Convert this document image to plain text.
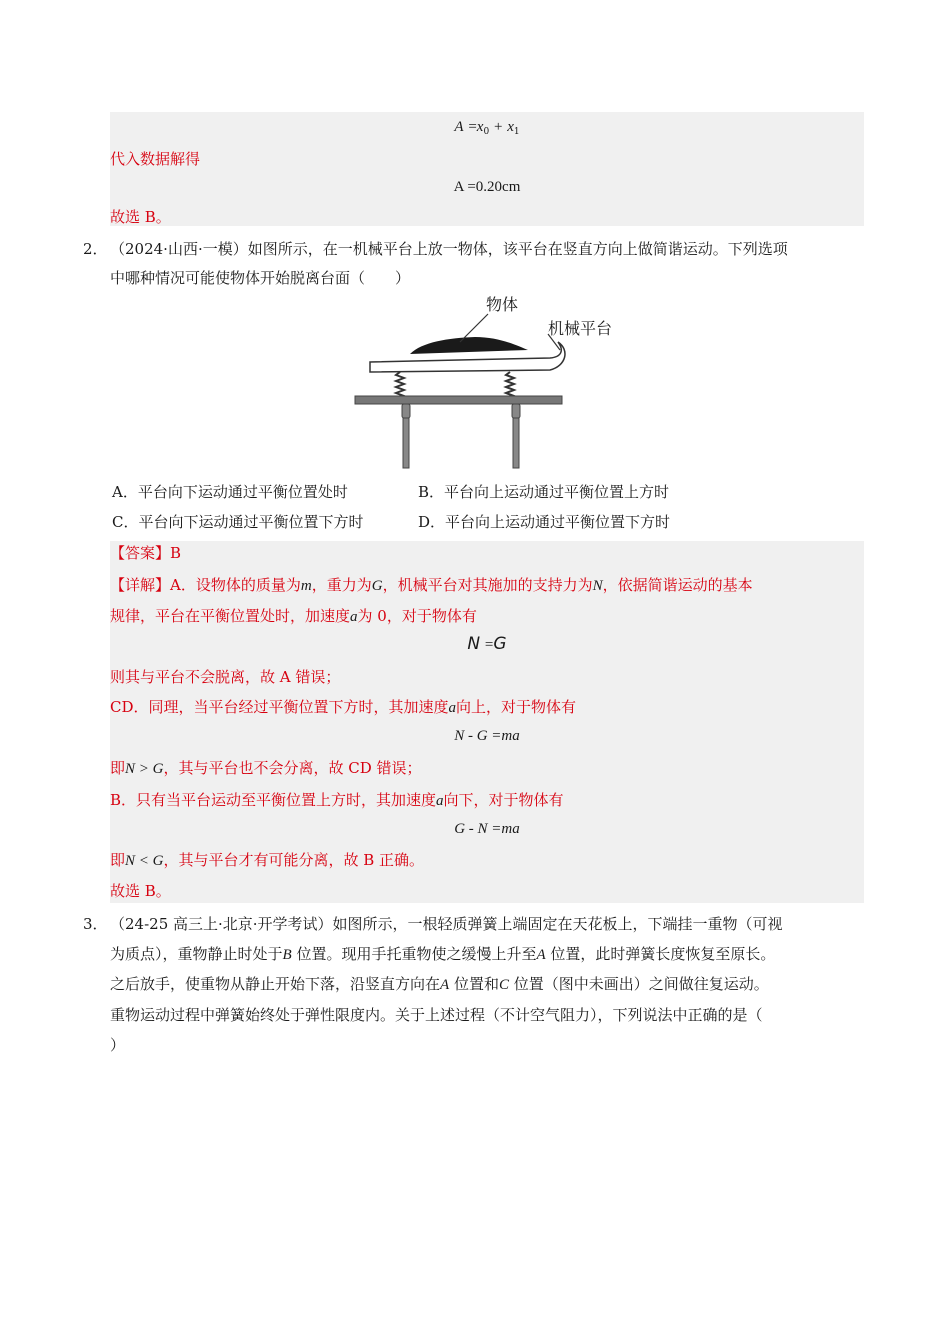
$A =x_0 + x_1$
代入数据解得
A =0.20cm
故选 B。
2． （2024·山西·一模）如图所示，在一机械平台上放一物体，该平台在竖直方向上做简谐运动。下列选项
中哪种情况可能使物体开始脱离台面（　　）
物体
机械平台
A．平台向下运动通过平衡位置处时	B．平台向上运动通过平衡位置上方时
C．平台向下运动通过平衡位置下方时	D．平台向上运动通过平衡位置下方时
【答案】B
【详解】A．设物体的质量为m，重力为G，机械平台对其施加的支持力为N，依据简谐运动的基本
规律，平台在平衡位置处时，加速度a为 0，对于物体有
N =G
则其与平台不会脱离，故 A 错误；
CD．同理，当平台经过平衡位置下方时，其加速度a向上，对于物体有
N - G =ma
即N > G，其与平台也不会分离，故 CD 错误；
B．只有当平台运动至平衡位置上方时，其加速度a向下，对于物体有
G - N =ma
即N < G，其与平台才有可能分离，故 B 正确。
故选 B。
3． （24-25 高三上·北京·开学考试）如图所示，一根轻质弹簧上端固定在天花板上，下端挂一重物（可视
为质点），重物静止时处于B 位置。现用手托重物使之缓慢上升至A 位置，此时弹簧长度恢复至原长。
之后放手，使重物从静止开始下落，沿竖直方向在A 位置和C 位置（图中未画出）之间做往复运动。
重物运动过程中弹簧始终处于弹性限度内。关于上述过程（不计空气阻力），下列说法中正确的是（
）
